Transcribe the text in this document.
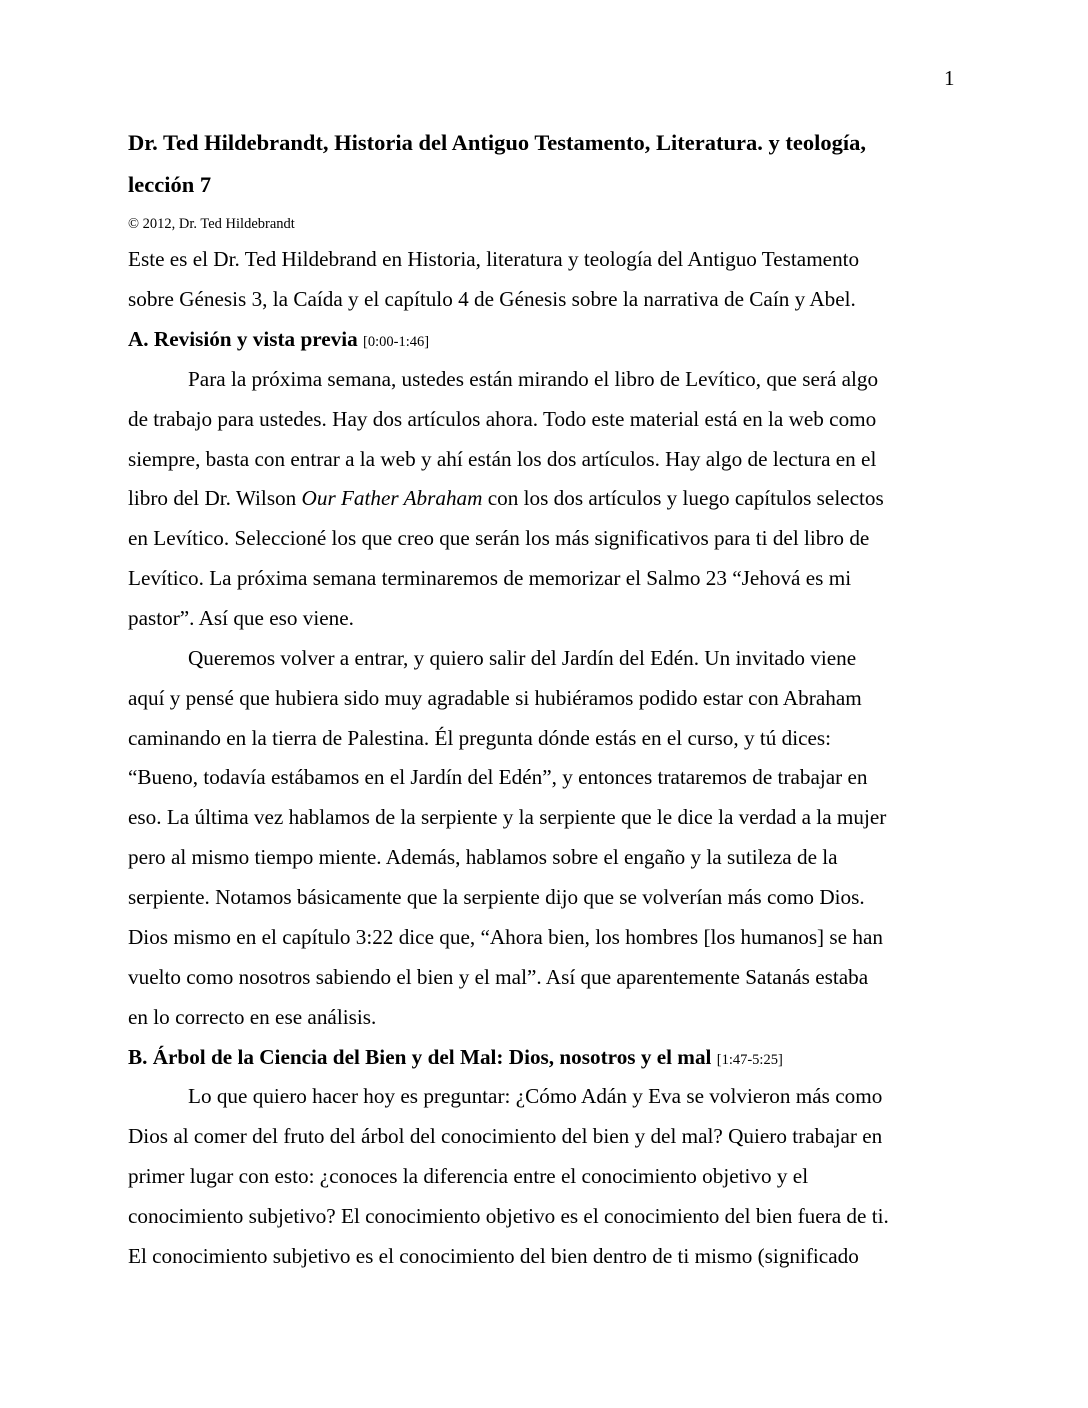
1
Dr. Ted Hildebrandt, Historia del Antiguo Testamento, Literatura. y teología,
lección 7
© 2012, Dr. Ted Hildebrandt
Este es el Dr. Ted Hildebrand en Historia, literatura y teología del Antiguo Testamento
sobre Génesis 3, la Caída y el capítulo 4 de Génesis sobre la narrativa de Caín y Abel.
A. Revisión y vista previa [0:00-1:46]
Para la próxima semana, ustedes están mirando el libro de Levítico, que será algo
de trabajo para ustedes. Hay dos artículos ahora. Todo este material está en la web como
siempre, basta con entrar a la web y ahí están los dos artículos. Hay algo de lectura en el
libro del Dr. Wilson Our Father Abraham con los dos artículos y luego capítulos selectos
en Levítico. Seleccioné los que creo que serán los más significativos para ti del libro de
Levítico. La próxima semana terminaremos de memorizar el Salmo 23 “Jehová es mi
pastor”. Así que eso viene.
Queremos volver a entrar, y quiero salir del Jardín del Edén. Un invitado viene
aquí y pensé que hubiera sido muy agradable si hubiéramos podido estar con Abraham
caminando en la tierra de Palestina. Él pregunta dónde estás en el curso, y tú dices:
“Bueno, todavía estábamos en el Jardín del Edén”, y entonces trataremos de trabajar en
eso. La última vez hablamos de la serpiente y la serpiente que le dice la verdad a la mujer
pero al mismo tiempo miente. Además, hablamos sobre el engaño y la sutileza de la
serpiente. Notamos básicamente que la serpiente dijo que se volverían más como Dios.
Dios mismo en el capítulo 3:22 dice que, “Ahora bien, los hombres [los humanos] se han
vuelto como nosotros sabiendo el bien y el mal”. Así que aparentemente Satanás estaba
en lo correcto en ese análisis.
B. Árbol de la Ciencia del Bien y del Mal: Dios, nosotros y el mal [1:47-5:25]
Lo que quiero hacer hoy es preguntar: ¿Cómo Adán y Eva se volvieron más como
Dios al comer del fruto del árbol del conocimiento del bien y del mal? Quiero trabajar en
primer lugar con esto: ¿conoces la diferencia entre el conocimiento objetivo y el
conocimiento subjetivo? El conocimiento objetivo es el conocimiento del bien fuera de ti.
El conocimiento subjetivo es el conocimiento del bien dentro de ti mismo (significado
